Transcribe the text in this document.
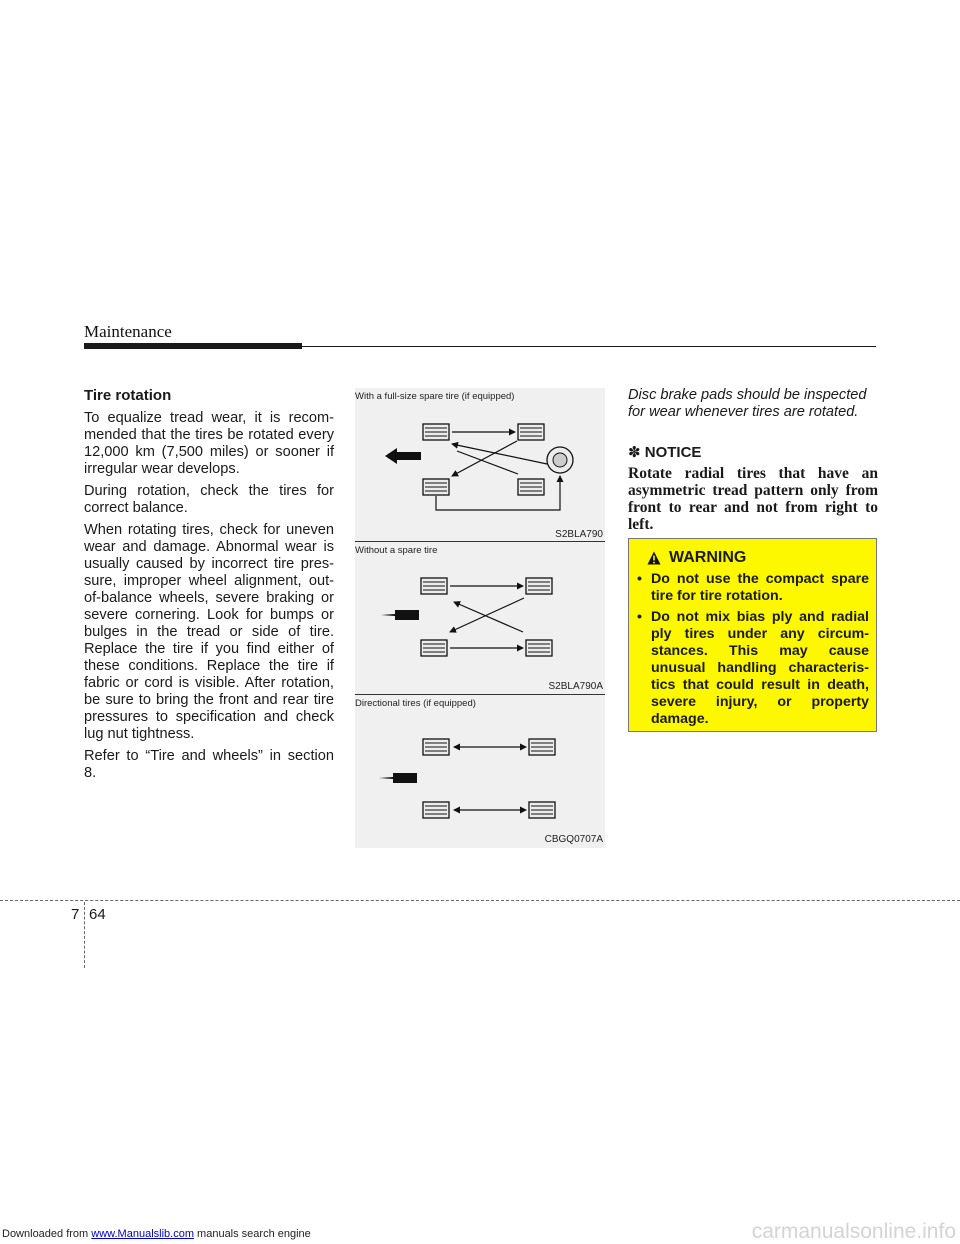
Maintenance
Tire rotation

To equalize tread wear, it is recom- mended that the tires be rotated every 12,000 km (7,500 miles) or sooner if irregular wear develops.

During rotation, check the tires for correct balance.

When rotating tires, check for uneven wear and damage. Abnormal wear is usually caused by incorrect tire pres- sure, improper wheel alignment, out- of-balance wheels, severe braking or severe cornering. Look for bumps or bulges in the tread or side of tire. Replace the tire if you find either of these conditions. Replace the tire if fabric or cord is visible. After rotation, be sure to bring the front and rear tire pressures to specification and check lug nut tightness.

Refer to “Tire and wheels” in section 8.

With a full-size spare tire (if equipped)
S2BLA790
Without a spare tire
S2BLA790A
Directional tires (if equipped)
CBGQ0707A

Disc brake pads should be inspected for wear whenever tires are rotated.

✽ NOTICE

Rotate radial tires that have an asymmetric tread pattern only from front to rear and not from right to left.

WARNING
• Do not use the compact spare tire for tire rotation.
• Do not mix bias ply and radial ply tires under any circum- stances. This may cause unusual handling characteris- tics that could result in death, severe injury, or property damage.
7 64
Downloaded from www.Manualslib.com manuals search engine	carmanualsonline.info
